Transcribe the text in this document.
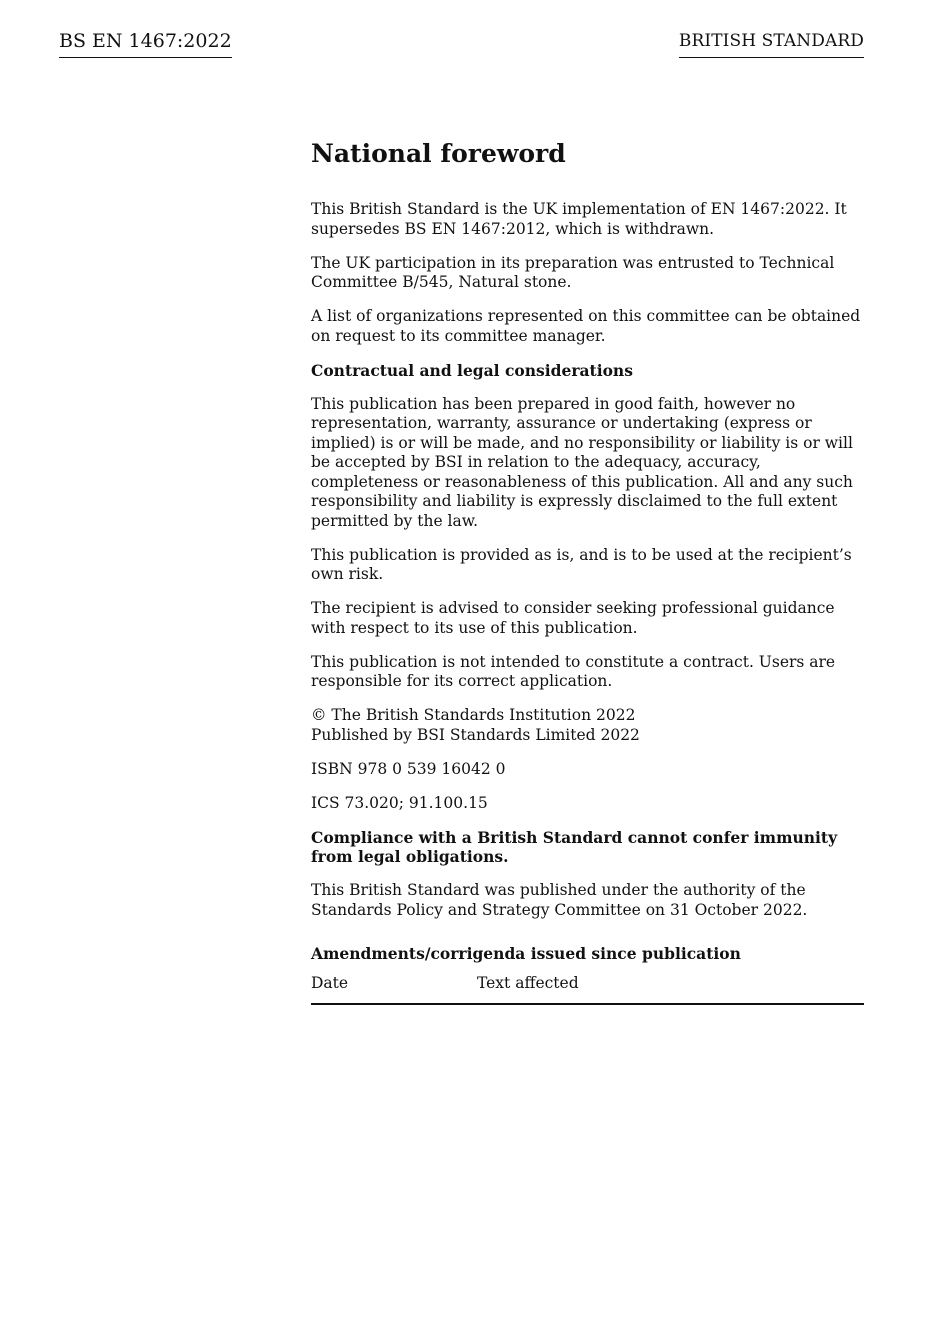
BS EN 1467:2022	BRITISH STANDARD
National foreword

This British Standard is the UK implementation of EN 1467:2022. It supersedes BS EN 1467:2012, which is withdrawn.

The UK participation in its preparation was entrusted to Technical Committee B/545, Natural stone.

A list of organizations represented on this committee can be obtained on request to its committee manager.

Contractual and legal considerations

This publication has been prepared in good faith, however no representation, warranty, assurance or undertaking (express or implied) is or will be made, and no responsibility or liability is or will be accepted by BSI in relation to the adequacy, accuracy, completeness or reasonableness of this publication. All and any such responsibility and liability is expressly disclaimed to the full extent permitted by the law.

This publication is provided as is, and is to be used at the recipient’s own risk.

The recipient is advised to consider seeking professional guidance with respect to its use of this publication.

This publication is not intended to constitute a contract. Users are responsible for its correct application.

© The British Standards Institution 2022
Published by BSI Standards Limited 2022

ISBN 978 0 539 16042 0

ICS 73.020; 91.100.15

Compliance with a British Standard cannot confer immunity from legal obligations.

This British Standard was published under the authority of the Standards Policy and Strategy Committee on 31 October 2022.

Amendments/corrigenda issued since publication
Date	Text affected
